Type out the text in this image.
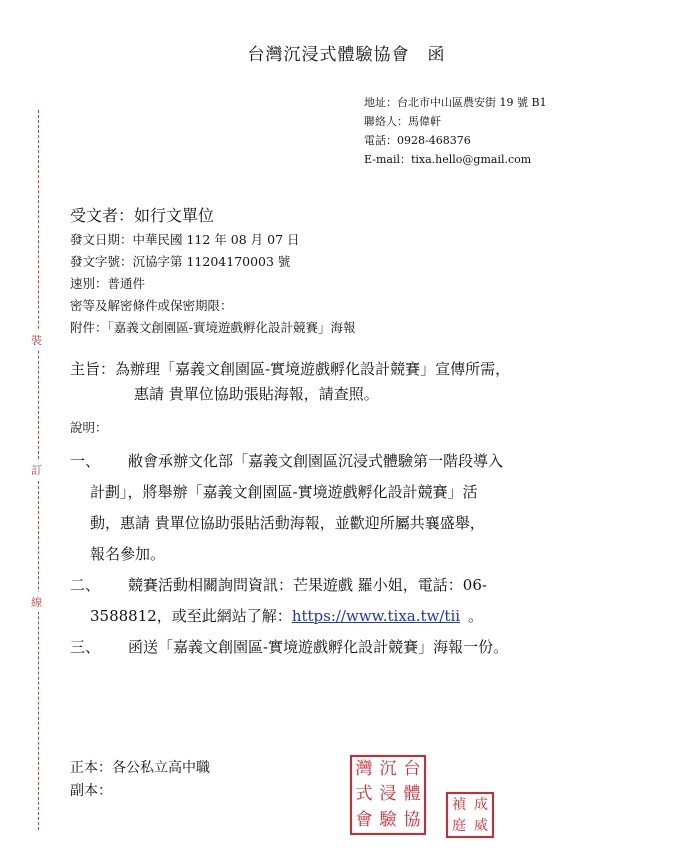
裝
訂
線
台灣沉浸式體驗協會　函
地址：台北市中山區農安街 19 號 B1
聯絡人：馬偉軒
電話：0928-468376
E-mail：tixa.hello@gmail.com
受文者：如行文單位
發文日期：中華民國 112 年 08 月 07 日
發文字號：沉協字第 11204170003 號
速別：普通件
密等及解密條件或保密期限：
附件：「嘉義文創園區-實境遊戲孵化設計競賽」海報
主旨：為辦理「嘉義文創園區-實境遊戲孵化設計競賽」宣傳所需，
惠請 貴單位協助張貼海報，請查照。
說明：
一、 敝會承辦文化部「嘉義文創園區沉浸式體驗第一階段導入
計劃」，將舉辦「嘉義文創園區-實境遊戲孵化設計競賽」活
動，惠請 貴單位協助張貼活動海報，並歡迎所屬共襄盛舉，
報名參加。
二、 競賽活動相關詢問資訊：芒果遊戲 羅小姐，電話：06-
3588812，或至此網站了解：https://www.tixa.tw/tii 。
三、 函送「嘉義文創園區-實境遊戲孵化設計競賽」海報一份。
正本：各公私立高中職
副本：
灣 沉 台
式 浸 體
會 驗 協
禎 成
庭 威
